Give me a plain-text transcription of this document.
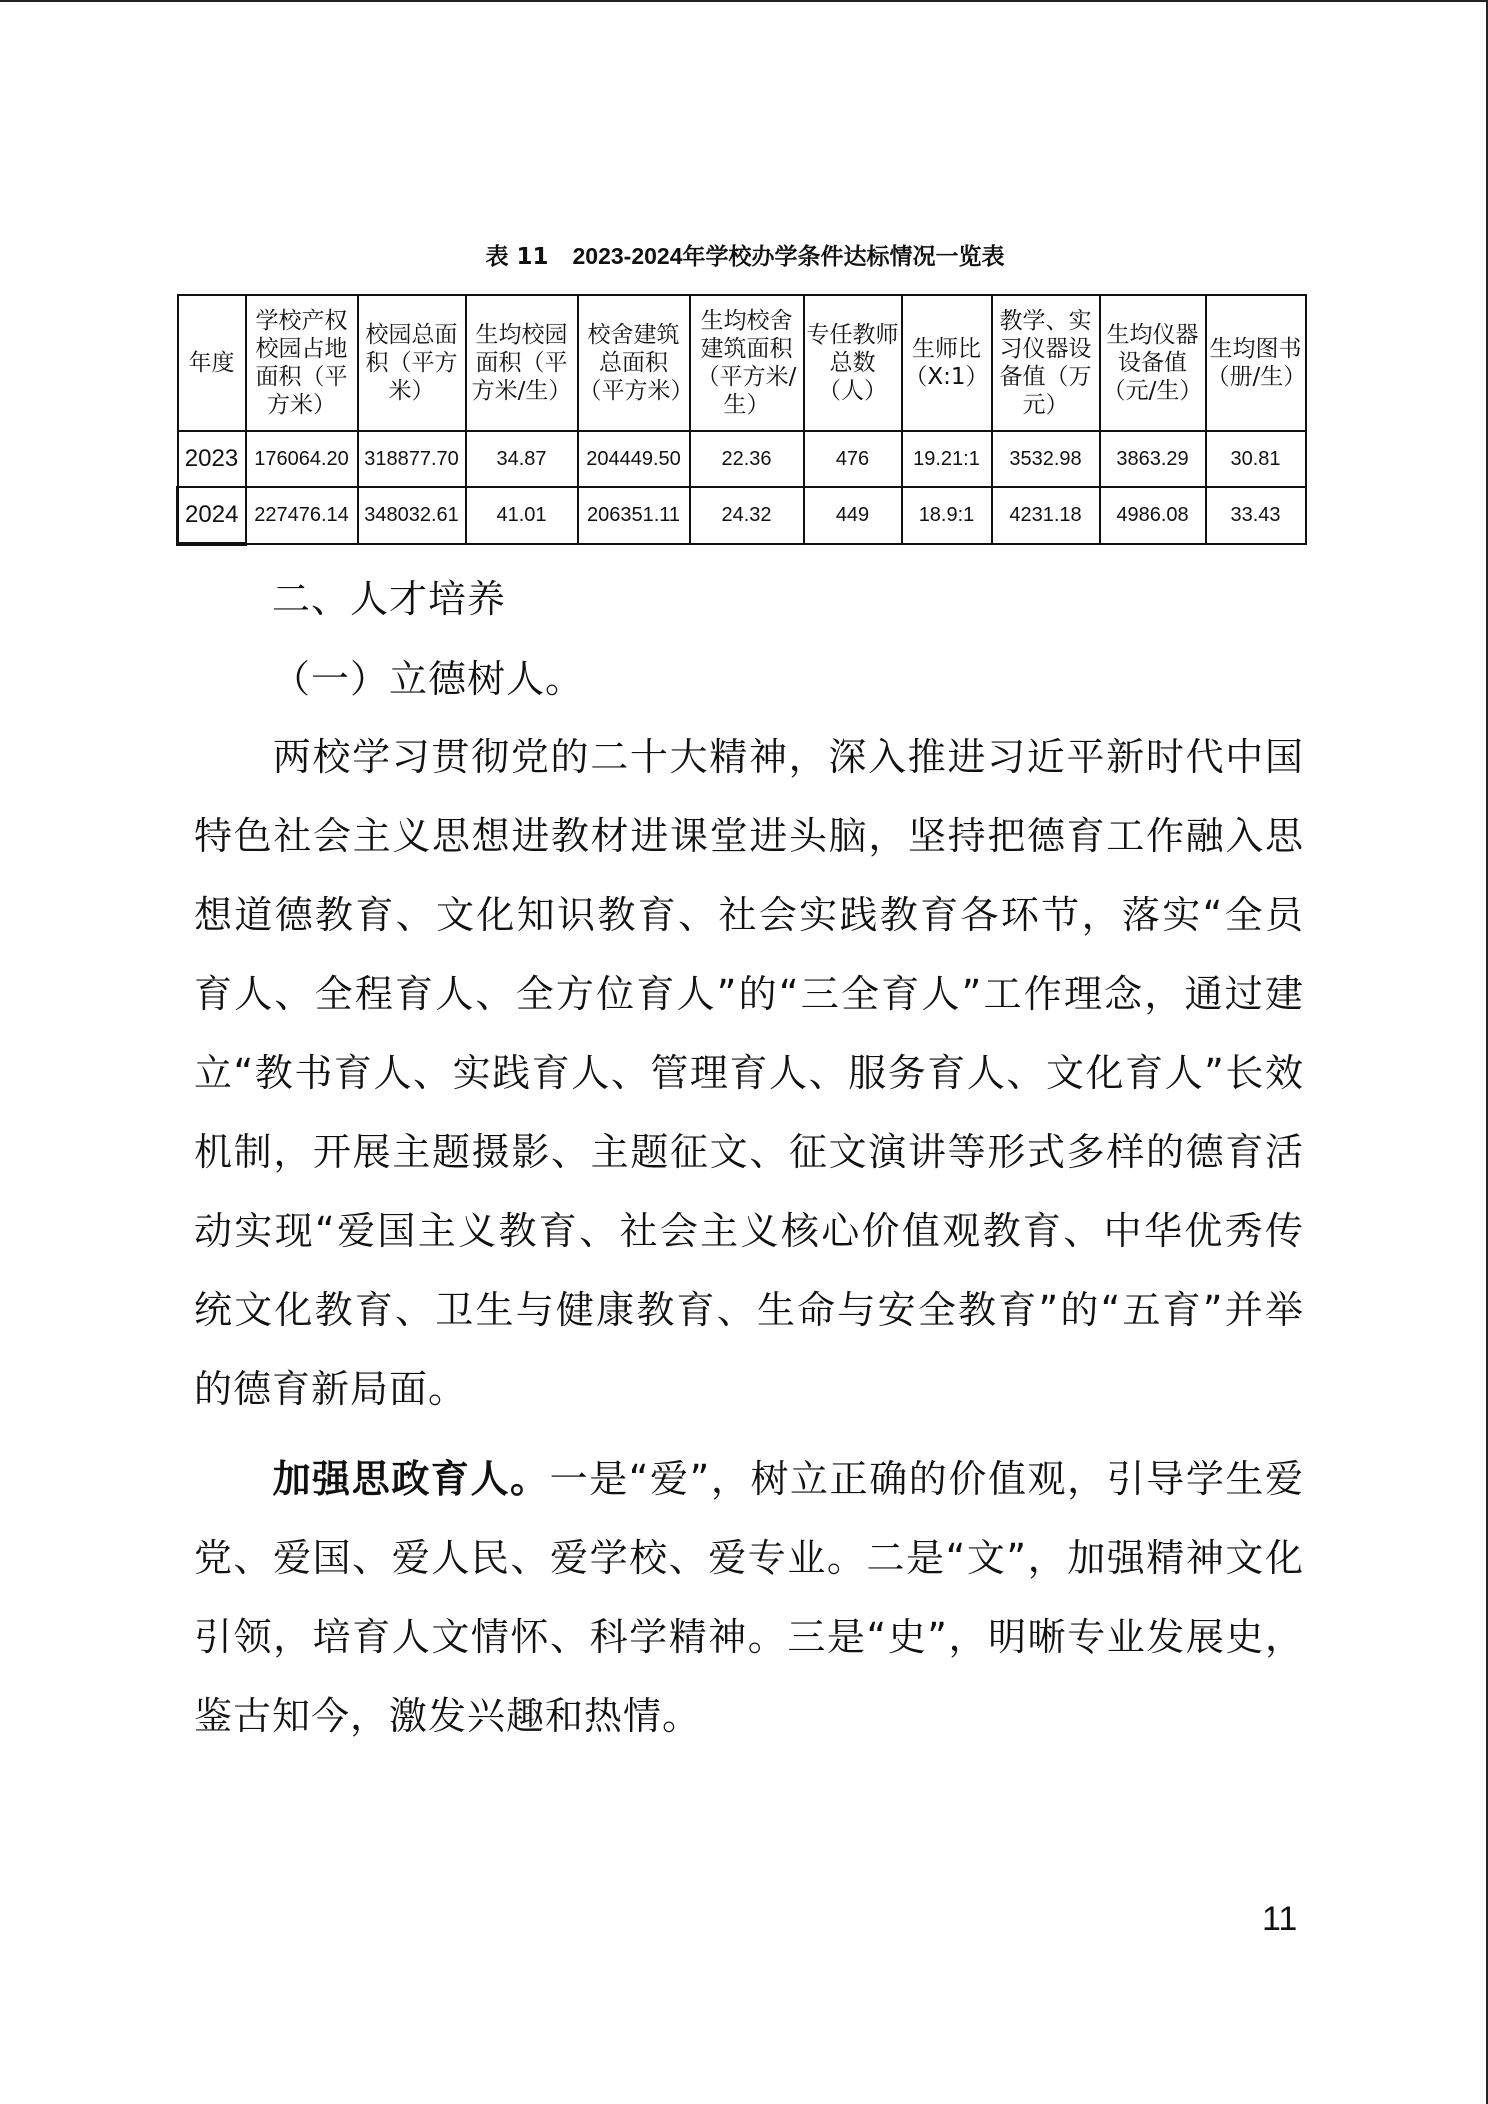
表 11 2023-2024年学校办学条件达标情况一览表
年度	学校产权校园占地面积（平方米）	校园总面积（平方米）	生均校园面积（平方米/生）	校舍建筑总面积（平方米）	生均校舍建筑面积（平方米/生）	专任教师总数（人）	生师比（X:1）	教学、实习仪器设备值（万元）	生均仪器设备值（元/生）	生均图书（册/生）
2023	176064.20	318877.70	34.87	204449.50	22.36	476	19.21:1	3532.98	3863.29	30.81
2024	227476.14	348032.61	41.01	206351.11	24.32	449	18.9:1	4231.18	4986.08	33.43

二、人才培养

（一）立德树人。

两校学习贯彻党的二十大精神，深入推进习近平新时代中国特色社会主义思想进教材进课堂进头脑，坚持把德育工作融入思想道德教育、文化知识教育、社会实践教育各环节，落实“全员育人、全程育人、全方位育人”的“三全育人”工作理念，通过建立“教书育人、实践育人、管理育人、服务育人、文化育人”长效机制，开展主题摄影、主题征文、征文演讲等形式多样的德育活动实现“爱国主义教育、社会主义核心价值观教育、中华优秀传统文化教育、卫生与健康教育、生命与安全教育”的“五育”并举的德育新局面。

加强思政育人。一是“爱”，树立正确的价值观，引导学生爱党、爱国、爱人民、爱学校、爱专业。二是“文”，加强精神文化引领，培育人文情怀、科学精神。三是“史”，明晰专业发展史，鉴古知今，激发兴趣和热情。

11
